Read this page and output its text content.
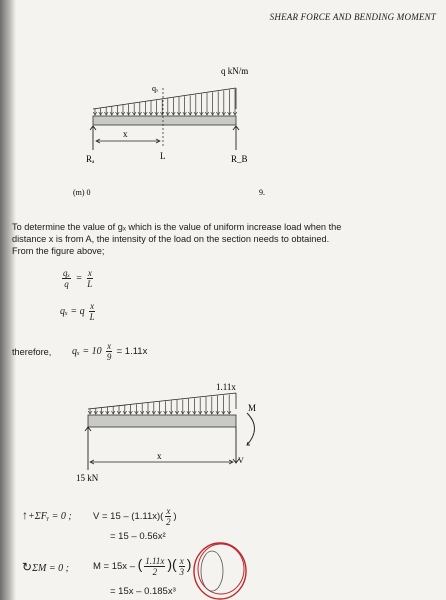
SHEAR FORCE AND BENDING MOMENT
q kN/m
qₓ
x
L
Rₐ	R_B
(m) 0	9.
To determine the value of gₓ which is the value of uniform increase load when the
distance x is from A, the intensity of the load on the section needs to obtained.
From the figure above;
$\frac{\text{qₓ}}{q} = \frac{x}{L}$
qₓ = q $\frac{x}{L}$
therefore, $q_x = 10 \frac{x}{9} = 1.11x$
1.11x
M
x	V
15 kN
↑+ΣFᵧ = 0 ; $V = 15 - (1.11x)( \frac{x}{2}$ )
= 15 – 0.56x²
↻ΣM = 0 ;	M = 15x – ( $\frac{1.11x}{2}$ )( $\frac{x}{3}$ )
= 15x – 0.185x³
